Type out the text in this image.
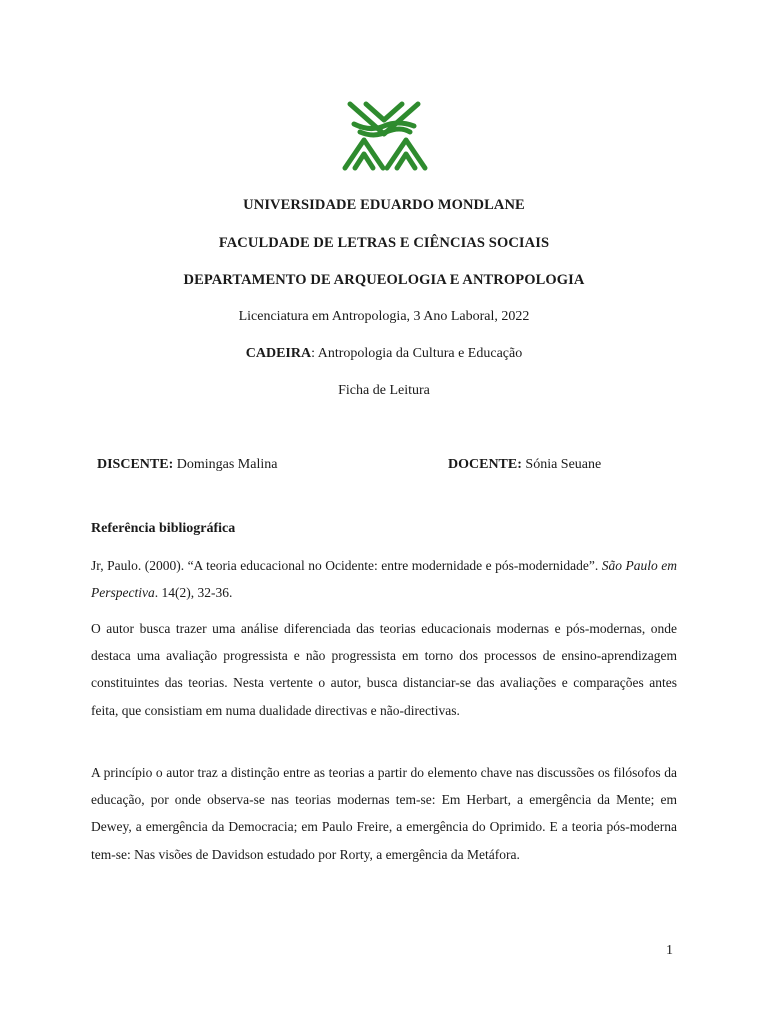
UNIVERSIDADE EDUARDO MONDLANE
FACULDADE DE LETRAS E CIÊNCIAS SOCIAIS
DEPARTAMENTO DE ARQUEOLOGIA E ANTROPOLOGIA
Licenciatura em Antropologia, 3 Ano Laboral, 2022
CADEIRA: Antropologia da Cultura e Educação
Ficha de Leitura
DISCENTE: Domingas Malina	DOCENTE: Sónia Seuane
Referência bibliográfica

Jr, Paulo. (2000). “A teoria educacional no Ocidente: entre modernidade e pós-modernidade”. São Paulo em Perspectiva. 14(2), 32-36.

O autor busca trazer uma análise diferenciada das teorias educacionais modernas e pós-modernas, onde destaca uma avaliação progressista e não progressista em torno dos processos de ensino-aprendizagem constituintes das teorias. Nesta vertente o autor, busca distanciar-se das avaliações e comparações antes feita, que consistiam em numa dualidade directivas e não-directivas.

A princípio o autor traz a distinção entre as teorias a partir do elemento chave nas discussões os filósofos da educação, por onde observa-se nas teorias modernas tem-se: Em Herbart, a emergência da Mente; em Dewey, a emergência da Democracia; em Paulo Freire, a emergência do Oprimido. E a teoria pós-moderna tem-se: Nas visões de Davidson estudado por Rorty, a emergência da Metáfora.

1
